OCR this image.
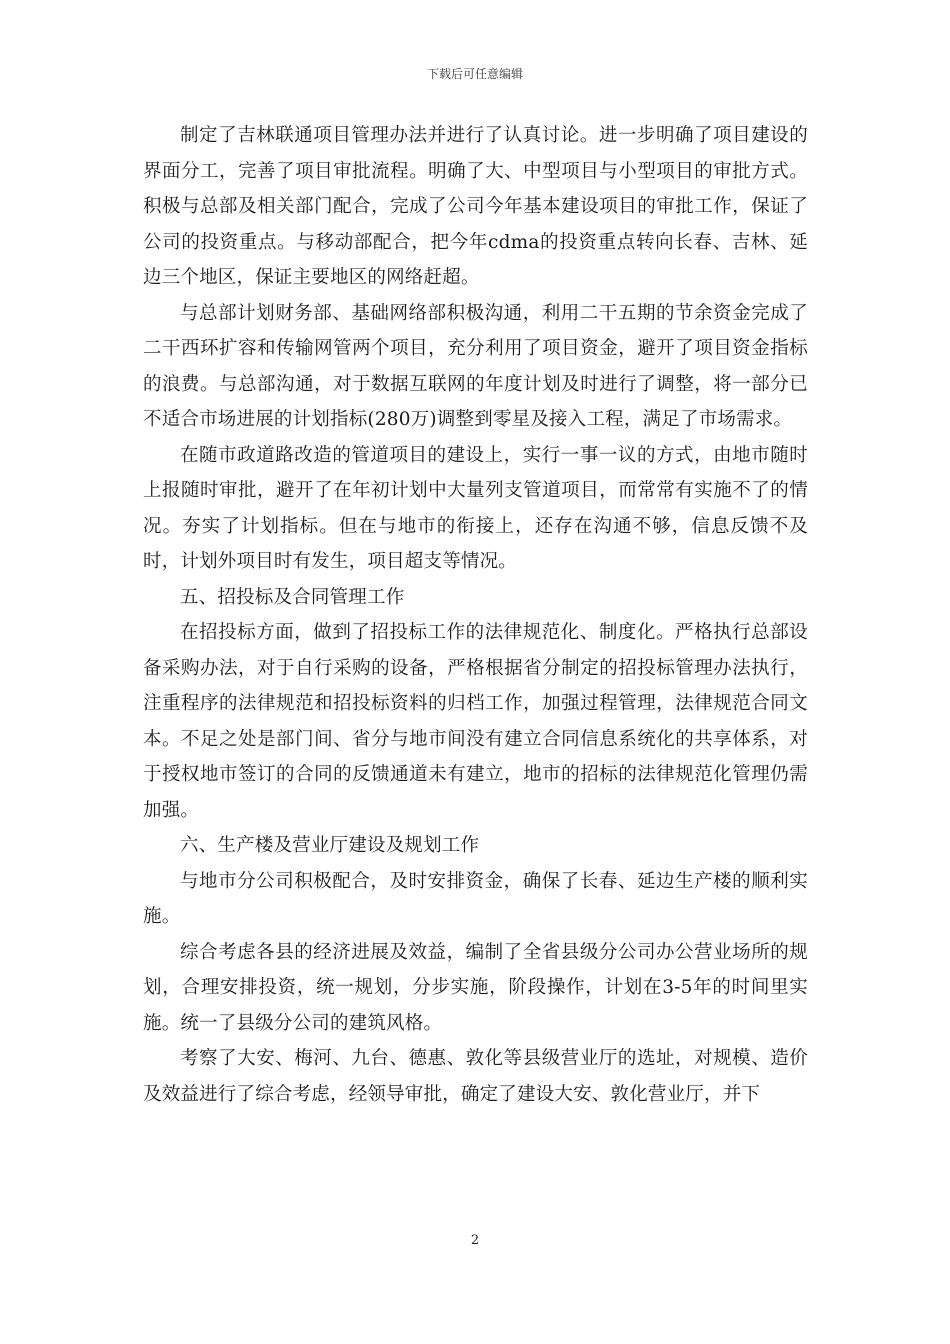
下载后可任意编辑

制定了吉林联通项目管理办法并进行了认真讨论。进一步明确了项目建设的界面分工，完善了项目审批流程。明确了大、中型项目与小型项目的审批方式。积极与总部及相关部门配合，完成了公司今年基本建设项目的审批工作，保证了公司的投资重点。与移动部配合，把今年cdma的投资重点转向长春、吉林、延边三个地区，保证主要地区的网络赶超。

与总部计划财务部、基础网络部积极沟通，利用二干五期的节余资金完成了二干西环扩容和传输网管两个项目，充分利用了项目资金，避开了项目资金指标的浪费。与总部沟通，对于数据互联网的年度计划及时进行了调整，将一部分已不适合市场进展的计划指标(280万)调整到零星及接入工程，满足了市场需求。

在随市政道路改造的管道项目的建设上，实行一事一议的方式，由地市随时上报随时审批，避开了在年初计划中大量列支管道项目，而常常有实施不了的情况。夯实了计划指标。但在与地市的衔接上，还存在沟通不够，信息反馈不及时，计划外项目时有发生，项目超支等情况。

五、招投标及合同管理工作

在招投标方面，做到了招投标工作的法律规范化、制度化。严格执行总部设备采购办法，对于自行采购的设备，严格根据省分制定的招投标管理办法执行，注重程序的法律规范和招投标资料的归档工作，加强过程管理，法律规范合同文本。不足之处是部门间、省分与地市间没有建立合同信息系统化的共享体系，对于授权地市签订的合同的反馈通道未有建立，地市的招标的法律规范化管理仍需加强。

六、生产楼及营业厅建设及规划工作

与地市分公司积极配合，及时安排资金，确保了长春、延边生产楼的顺利实施。

综合考虑各县的经济进展及效益，编制了全省县级分公司办公营业场所的规划，合理安排投资，统一规划，分步实施，阶段操作，计划在3-5年的时间里实施。统一了县级分公司的建筑风格。

考察了大安、梅河、九台、德惠、敦化等县级营业厅的选址，对规模、造价及效益进行了综合考虑，经领导审批，确定了建设大安、敦化营业厅，并下

2
